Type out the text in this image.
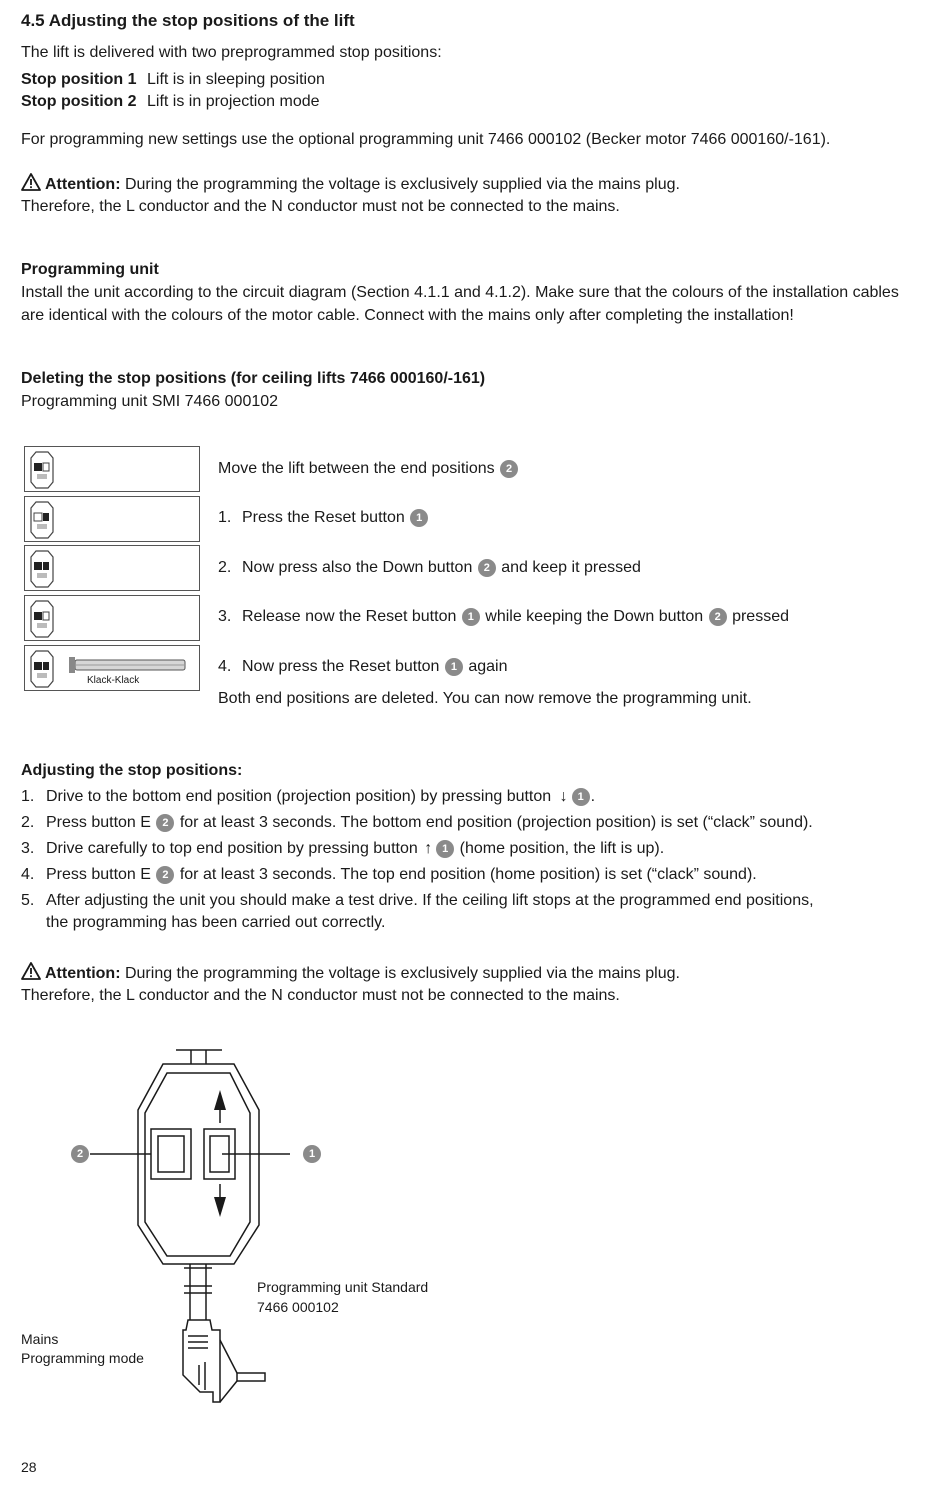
4.5 Adjusting the stop positions of the lift
The lift is delivered with two preprogrammed stop positions:
Stop position 1 Lift is in sleeping position
Stop position 2 Lift is in projection mode
For programming new settings use the optional programming unit 7466 000102 (Becker motor 7466 000160/-161).
Attention: During the programming the voltage is exclusively supplied via the mains plug.
Therefore, the L conductor and the N conductor must not be connected to the mains.
Programming unit
Install the unit according to the circuit diagram (Section 4.1.1 and 4.1.2). Make sure that the colours of the installation cables
are identical with the colours of the motor cable. Connect with the mains only after completing the installation!
Deleting the stop positions (for ceiling lifts 7466 000160/-161)
Programming unit SMI 7466 000102
Klack-Klack
Move the lift between the end positions 2
1. Press the Reset button 1
2. Now press also the Down button 2 and keep it pressed
3. Release now the Reset button 1 while keeping the Down button 2 pressed
4. Now press the Reset button 1 again
Both end positions are deleted. You can now remove the programming unit.
Adjusting the stop positions:
1. Drive to the bottom end position (projection position) by pressing button ↓ 1 .
2. Press button E 2 for at least 3 seconds. The bottom end position (projection position) is set (“clack” sound).
3. Drive carefully to top end position by pressing button ↑ 1 (home position, the lift is up).
4. Press button E 2 for at least 3 seconds. The top end position (home position) is set (“clack” sound).
5. After adjusting the unit you should make a test drive. If the ceiling lift stops at the programmed end positions,
the programming has been carried out correctly.
Attention: During the programming the voltage is exclusively supplied via the mains plug.
Therefore, the L conductor and the N conductor must not be connected to the mains.
2	1
Programming unit Standard
7466 000102
Mains
Programming mode
28
